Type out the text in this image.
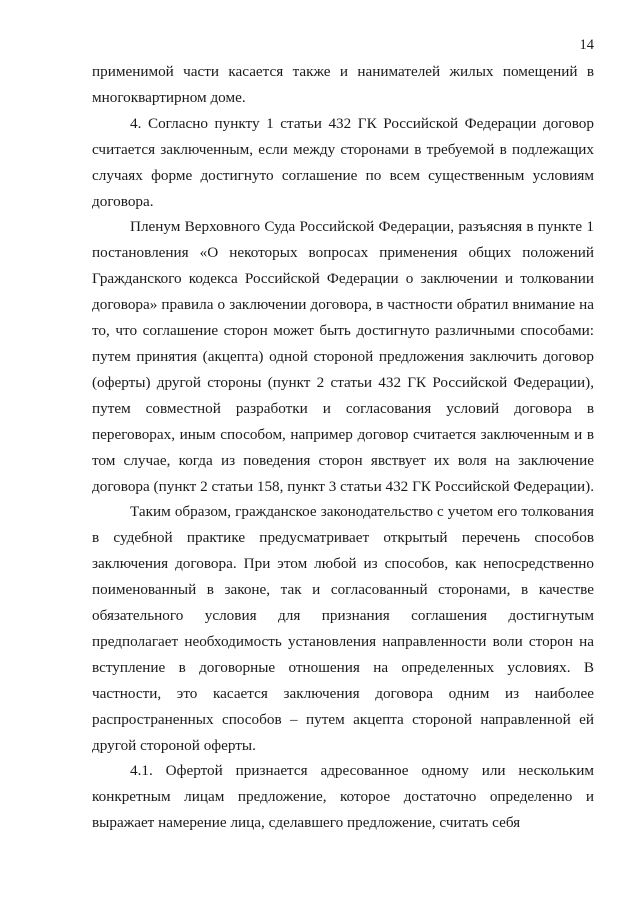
14

применимой части касается также и нанимателей жилых помещений в многоквартирном доме.

4. Согласно пункту 1 статьи 432 ГК Российской Федерации договор считается заключенным, если между сторонами в требуемой в подлежащих случаях форме достигнуто соглашение по всем существенным условиям договора.

Пленум Верховного Суда Российской Федерации, разъясняя в пункте 1 постановления «О некоторых вопросах применения общих положений Гражданского кодекса Российской Федерации о заключении и толковании договора» правила о заключении договора, в частности обратил внимание на то, что соглашение сторон может быть достигнуто различными способами: путем принятия (акцепта) одной стороной предложения заключить договор (оферты) другой стороны (пункт 2 статьи 432 ГК Российской Федерации), путем совместной разработки и согласования условий договора в переговорах, иным способом, например договор считается заключенным и в том случае, когда из поведения сторон явствует их воля на заключение договора (пункт 2 статьи 158, пункт 3 статьи 432 ГК Российской Федерации).

Таким образом, гражданское законодательство с учетом его толкования в судебной практике предусматривает открытый перечень способов заключения договора. При этом любой из способов, как непосредственно поименованный в законе, так и согласованный сторонами, в качестве обязательного условия для признания соглашения достигнутым предполагает необходимость установления направленности воли сторон на вступление в договорные отношения на определенных условиях. В частности, это касается заключения договора одним из наиболее распространенных способов – путем акцепта стороной направленной ей другой стороной оферты.

4.1. Офертой признается адресованное одному или нескольким конкретным лицам предложение, которое достаточно определенно и выражает намерение лица, сделавшего предложение, считать себя
